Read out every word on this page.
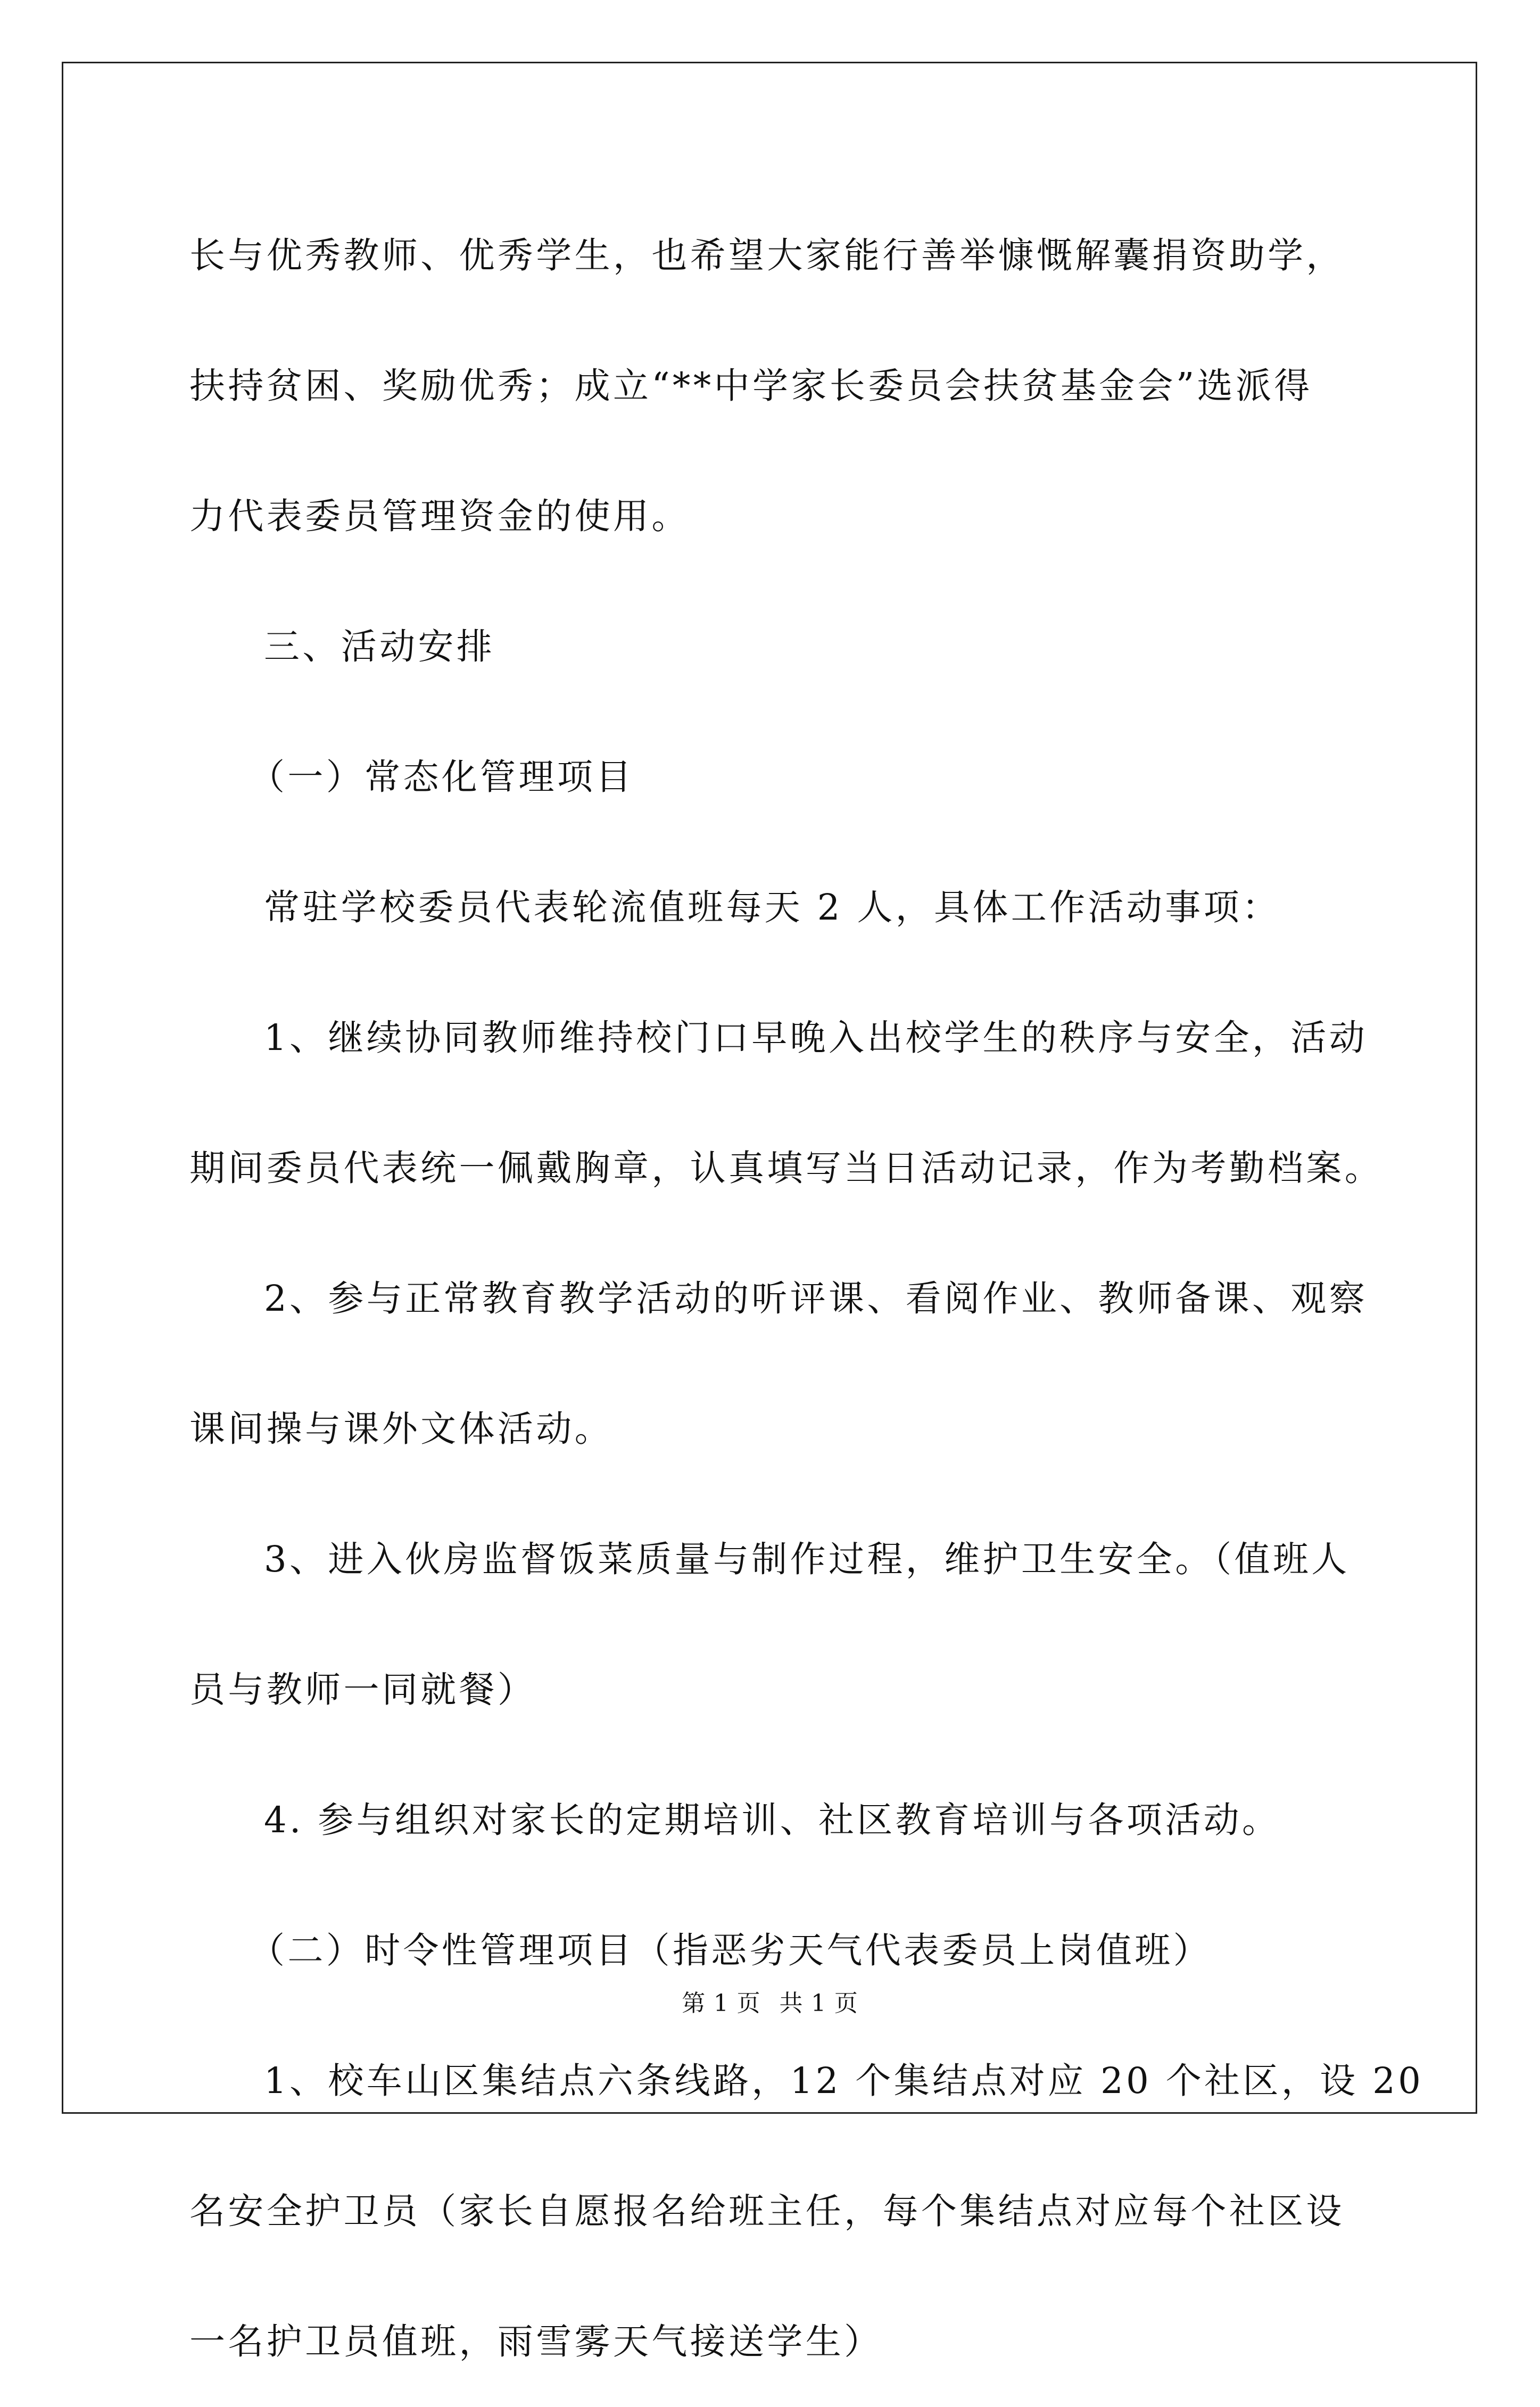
长与优秀教师、优秀学生，也希望大家能行善举慷慨解囊捐资助学，
扶持贫困、奖励优秀；成立“**中学家长委员会扶贫基金会”选派得
力代表委员管理资金的使用。
三、活动安排
（一）常态化管理项目
常驻学校委员代表轮流值班每天 2 人，具体工作活动事项：
1、继续协同教师维持校门口早晚入出校学生的秩序与安全，活动
期间委员代表统一佩戴胸章，认真填写当日活动记录，作为考勤档案。
2、参与正常教育教学活动的听评课、看阅作业、教师备课、观察
课间操与课外文体活动。
3、进入伙房监督饭菜质量与制作过程，维护卫生安全。（值班人
员与教师一同就餐）
4. 参与组织对家长的定期培训、社区教育培训与各项活动。
（二）时令性管理项目（指恶劣天气代表委员上岗值班）
1、校车山区集结点六条线路，12 个集结点对应 20 个社区，设 20
名安全护卫员（家长自愿报名给班主任，每个集结点对应每个社区设
一名护卫员值班，雨雪雾天气接送学生）
第 1 页 共 1 页
